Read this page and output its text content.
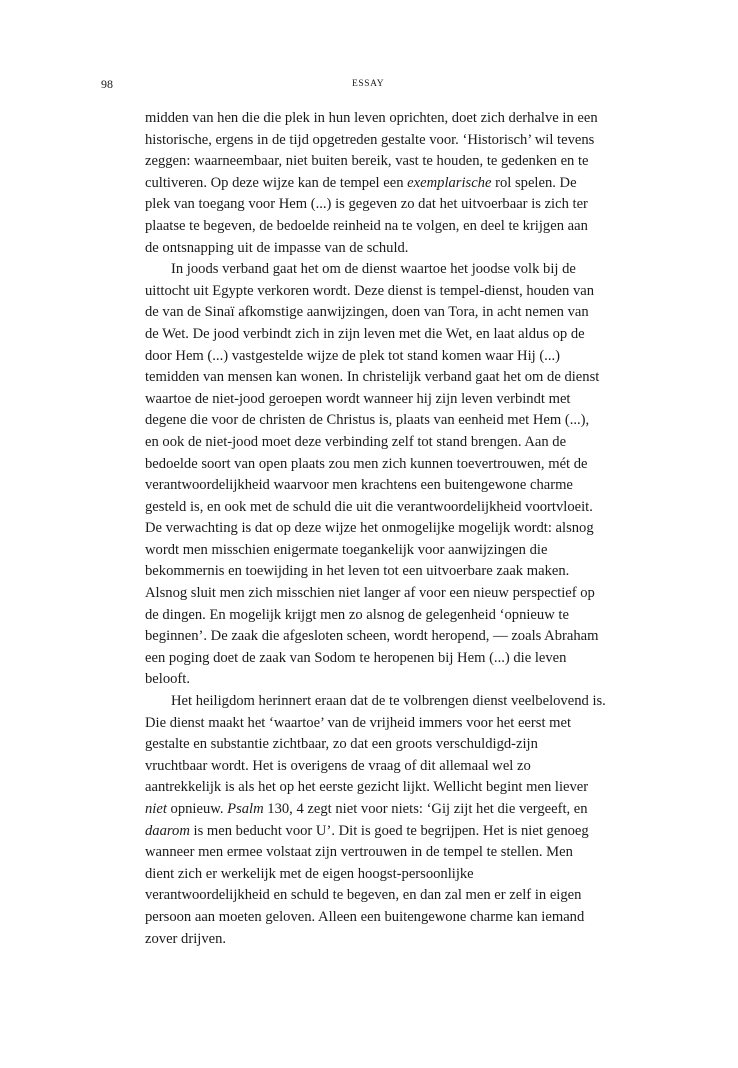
98	ESSAY
midden van hen die die plek in hun leven oprichten, doet zich derhalve in een
historische, ergens in de tijd opgetreden gestalte voor. ‘Historisch’ wil tevens
zeggen: waarneembaar, niet buiten bereik, vast te houden, te gedenken en te
cultiveren. Op deze wijze kan de tempel een exemplarische rol spelen. De
plek van toegang voor Hem (...) is gegeven zo dat het uitvoerbaar is zich ter
plaatse te begeven, de bedoelde reinheid na te volgen, en deel te krijgen aan
de ontsnapping uit de impasse van de schuld.
In joods verband gaat het om de dienst waartoe het joodse volk bij de
uittocht uit Egypte verkoren wordt. Deze dienst is tempel-dienst, houden van
de van de Sinaï afkomstige aanwijzingen, doen van Tora, in acht nemen van
de Wet. De jood verbindt zich in zijn leven met die Wet, en laat aldus op de
door Hem (...) vastgestelde wijze de plek tot stand komen waar Hij (...)
temidden van mensen kan wonen. In christelijk verband gaat het om de dienst
waartoe de niet-jood geroepen wordt wanneer hij zijn leven verbindt met
degene die voor de christen de Christus is, plaats van eenheid met Hem (...),
en ook de niet-jood moet deze verbinding zelf tot stand brengen. Aan de
bedoelde soort van open plaats zou men zich kunnen toevertrouwen, mét de
verantwoordelijkheid waarvoor men krachtens een buitengewone charme
gesteld is, en ook met de schuld die uit die verantwoordelijkheid voortvloeit.
De verwachting is dat op deze wijze het onmogelijke mogelijk wordt: alsnog
wordt men misschien enigermate toegankelijk voor aanwijzingen die
bekommernis en toewijding in het leven tot een uitvoerbare zaak maken.
Alsnog sluit men zich misschien niet langer af voor een nieuw perspectief op
de dingen. En mogelijk krijgt men zo alsnog de gelegenheid ‘opnieuw te
beginnen’. De zaak die afgesloten scheen, wordt heropend, — zoals Abraham
een poging doet de zaak van Sodom te heropenen bij Hem (...) die leven
belooft.
Het heiligdom herinnert eraan dat de te volbrengen dienst veelbelovend is.
Die dienst maakt het ‘waartoe’ van de vrijheid immers voor het eerst met
gestalte en substantie zichtbaar, zo dat een groots verschuldigd-zijn
vruchtbaar wordt. Het is overigens de vraag of dit allemaal wel zo
aantrekkelijk is als het op het eerste gezicht lijkt. Wellicht begint men liever
niet opnieuw. Psalm 130, 4 zegt niet voor niets: ‘Gij zijt het die vergeeft, en
daarom is men beducht voor U’. Dit is goed te begrijpen. Het is niet genoeg
wanneer men ermee volstaat zijn vertrouwen in de tempel te stellen. Men
dient zich er werkelijk met de eigen hoogst-persoonlijke
verantwoordelijkheid en schuld te begeven, en dan zal men er zelf in eigen
persoon aan moeten geloven. Alleen een buitengewone charme kan iemand
zover drijven.
